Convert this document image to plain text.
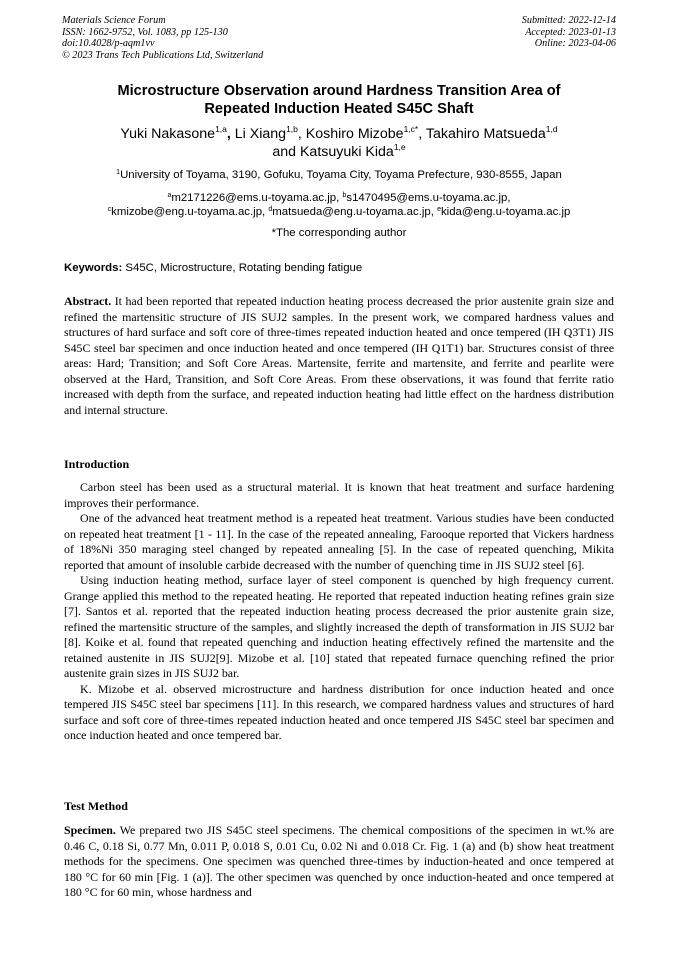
Materials Science Forum
ISSN: 1662-9752, Vol. 1083, pp 125-130
doi:10.4028/p-aqm1vv
© 2023 Trans Tech Publications Ltd, Switzerland
Submitted: 2022-12-14
Accepted: 2023-01-13
Online: 2023-04-06
Microstructure Observation around Hardness Transition Area of
Repeated Induction Heated S45C Shaft
Yuki Nakasone$^{1,a}$, Li Xiang$^{1,b}$, Koshiro Mizobe$^{1,c*}$, Takahiro Matsueda$^{1,d}$
and Katsuyuki Kida$^{1,e}$
$^1$University of Toyama, 3190, Gofuku, Toyama City, Toyama Prefecture, 930-8555, Japan
$^a$m2171226@ems.u-toyama.ac.jp, $^b$s1470495@ems.u-toyama.ac.jp,
$^c$kmizobe@eng.u-toyama.ac.jp, $^d$matsueda@eng.u-toyama.ac.jp, $^e$kida@eng.u-toyama.ac.jp
*The corresponding author
Keywords: S45C, Microstructure, Rotating bending fatigue

Abstract. It had been reported that repeated induction heating process decreased the prior austenite grain size and refined the martensitic structure of JIS SUJ2 samples. In the present work, we compared hardness values and structures of hard surface and soft core of three-times repeated induction heated and once tempered (IH Q3T1) JIS S45C steel bar specimen and once induction heated and once tempered (IH Q1T1) bar. Structures consist of three areas: Hard; Transition; and Soft Core Areas. Martensite, ferrite and martensite, and ferrite and pearlite were observed at the Hard, Transition, and Soft Core Areas. From these observations, it was found that ferrite ratio increased with depth from the surface, and repeated induction heating had little effect on the hardness distribution and internal structure.

Introduction

Carbon steel has been used as a structural material. It is known that heat treatment and surface hardening improves their performance.

One of the advanced heat treatment method is a repeated heat treatment. Various studies have been conducted on repeated heat treatment [1 - 11]. In the case of the repeated annealing, Farooque reported that Vickers hardness of 18%Ni 350 maraging steel changed by repeated annealing [5]. In the case of repeated quenching, Mikita reported that amount of insoluble carbide decreased with the number of quenching time in JIS SUJ2 steel [6].

Using induction heating method, surface layer of steel component is quenched by high frequency current. Grange applied this method to the repeated heating. He reported that repeated induction heating refines grain size [7]. Santos et al. reported that the repeated induction heating process decreased the prior austenite grain size, refined the martensitic structure of the samples, and slightly increased the depth of transformation in JIS SUJ2 bar [8]. Koike et al. found that repeated quenching and induction heating effectively refined the martensite and the retained austenite in JIS SUJ2[9]. Mizobe et al. [10] stated that repeated furnace quenching refined the prior austenite grain sizes in JIS SUJ2 bar.

K. Mizobe et al. observed microstructure and hardness distribution for once induction heated and once tempered JIS S45C steel bar specimens [11]. In this research, we compared hardness values and structures of hard surface and soft core of three-times repeated induction heated and once tempered JIS S45C steel bar specimen and once induction heated and once tempered bar.

Test Method

Specimen. We prepared two JIS S45C steel specimens. The chemical compositions of the specimen in wt.% are 0.46 C, 0.18 Si, 0.77 Mn, 0.011 P, 0.018 S, 0.01 Cu, 0.02 Ni and 0.018 Cr. Fig. 1 (a) and (b) show heat treatment methods for the specimens. One specimen was quenched three-times by induction-heated and once tempered at 180 °C for 60 min [Fig. 1 (a)]. The other specimen was quenched by once induction-heated and once tempered at 180 °C for 60 min, whose hardness and
